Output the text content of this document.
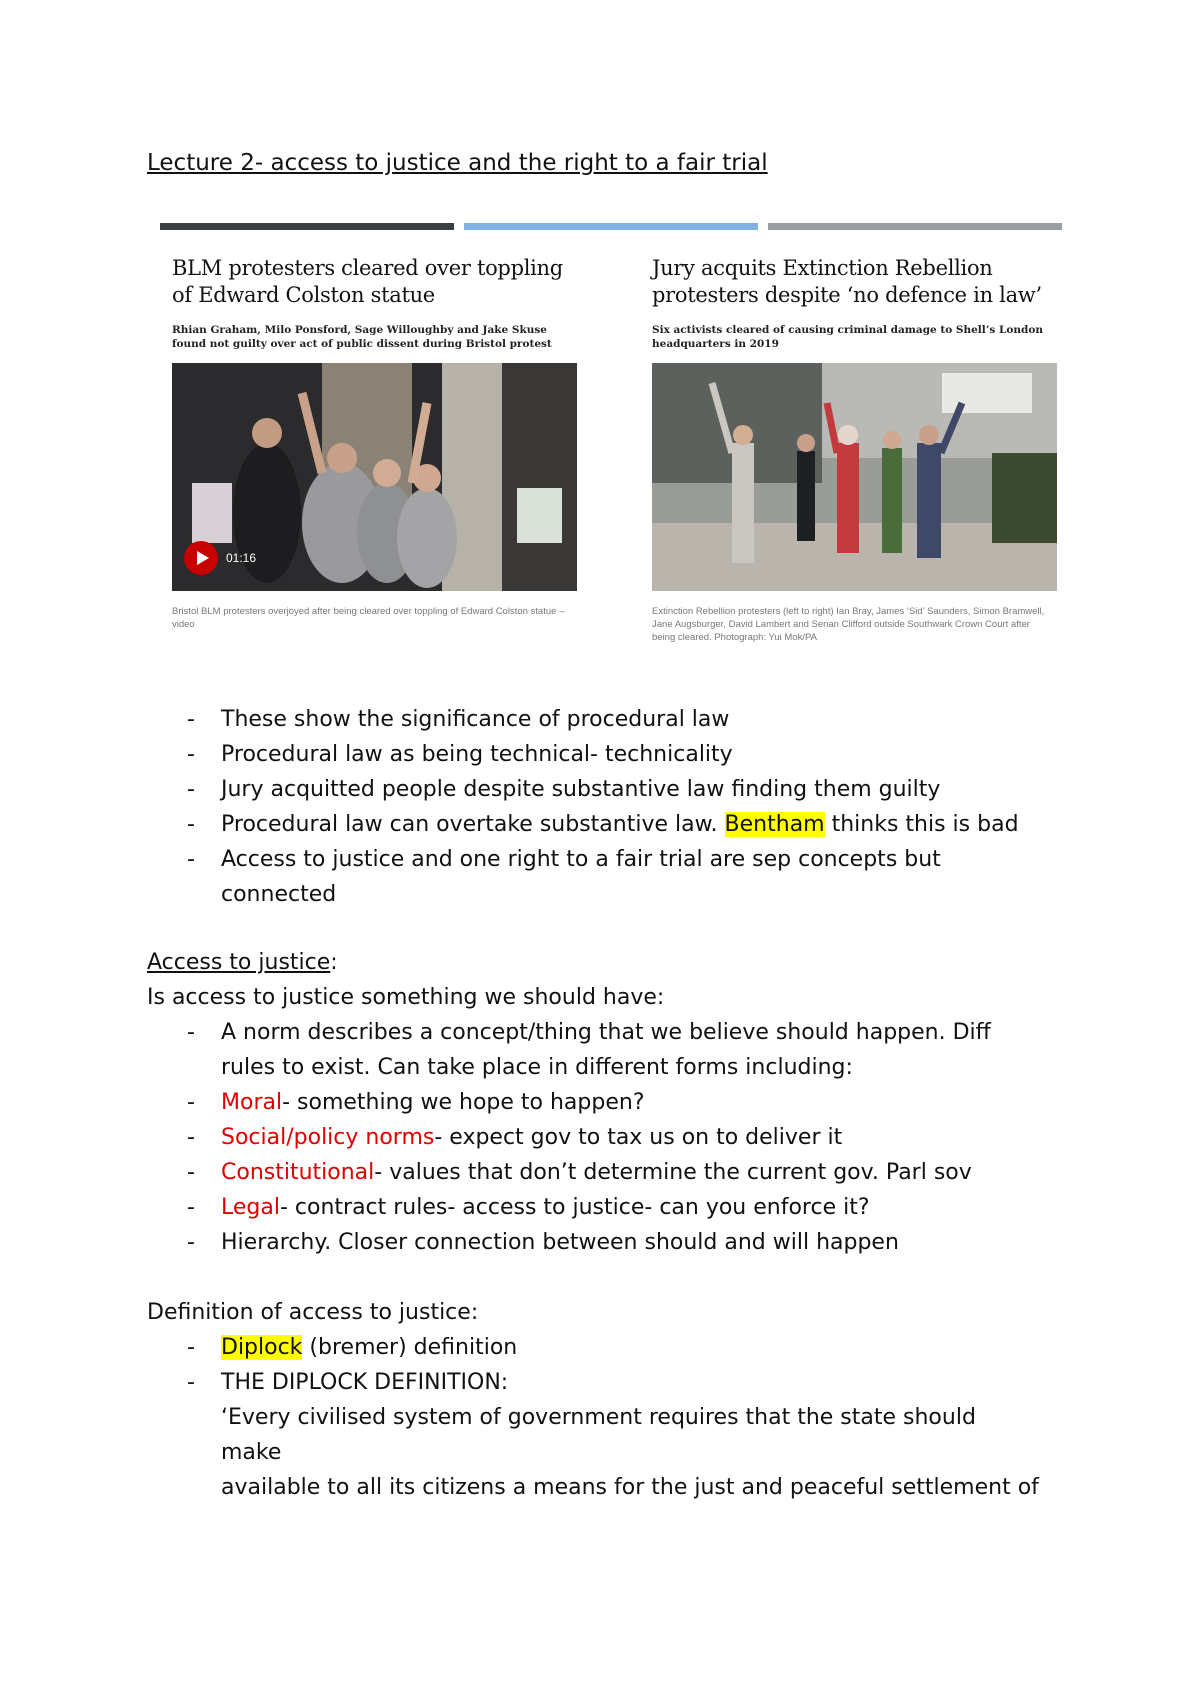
Lecture 2- access to justice and the right to a fair trial
BLM protesters cleared over toppling of Edward Colston statue
Rhian Graham, Milo Ponsford, Sage Willoughby and Jake Skuse found not guilty over act of public dissent during Bristol protest
01:16
Bristol BLM protesters overjoyed after being cleared over toppling of Edward Colston statue – video
Jury acquits Extinction Rebellion protesters despite ‘no defence in law’
Six activists cleared of causing criminal damage to Shell’s London headquarters in 2019
Extinction Rebellion protesters (left to right) Ian Bray, James ‘Sid’ Saunders, Simon Bramwell, Jane Augsburger, David Lambert and Senan Clifford outside Southwark Crown Court after being cleared. Photograph: Yui Mok/PA
- These show the significance of procedural law
- Procedural law as being technical- technicality
- Jury acquitted people despite substantive law finding them guilty
- Procedural law can overtake substantive law. Bentham thinks this is bad
- Access to justice and one right to a fair trial are sep concepts but
connected
Access to justice:
Is access to justice something we should have:
- A norm describes a concept/thing that we believe should happen. Diff
rules to exist. Can take place in different forms including:
- Moral- something we hope to happen?
- Social/policy norms- expect gov to tax us on to deliver it
- Constitutional- values that don’t determine the current gov. Parl sov
- Legal- contract rules- access to justice- can you enforce it?
- Hierarchy. Closer connection between should and will happen
Definition of access to justice:
- Diplock (bremer) definition
- THE DIPLOCK DEFINITION:
‘Every civilised system of government requires that the state should
make
available to all its citizens a means for the just and peaceful settlement of
